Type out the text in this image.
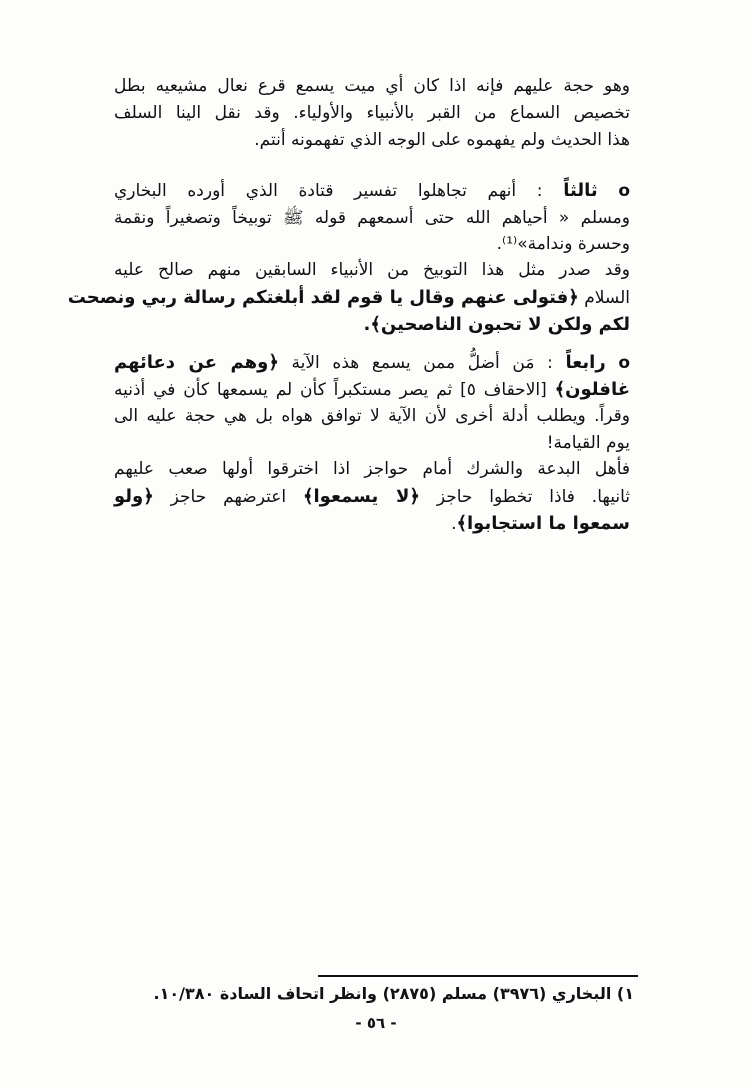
وهو حجة عليهم فإنه اذا كان أي ميت يسمع قرع نعال مشيعيه بطل
تخصيص السماع من القبر بالأنبياء والأولياء. وقد نقل الينا السلف
هذا الحديث ولم يفهموه على الوجه الذي تفهمونه أنتم.
o ثالثاً : أنهم تجاهلوا تفسير قتادة الذي أورده البخاري
ومسلم « أحياهم الله حتى أسمعهم قوله ﷺ توبيخاً وتصغيراً ونقمة
وحسرة وندامة»⁽¹⁾.
وقد صدر مثل هذا التوبيخ من الأنبياء السابقين منهم صالح عليه
السلام ﴿فتولى عنهم وقال يا قوم لقد أبلغتكم رسالة ربي ونصحت
لكم ولكن لا تحبون الناصحين﴾.
o رابعاً : مَن أضلُّ ممن يسمع هذه الآية ﴿وهم عن دعائهم
غافلون﴾ [الاحقاف ٥] ثم يصر مستكبراً كأن لم يسمعها كأن في أذنيه
وقراً. ويطلب أدلة أخرى لأن الآية لا توافق هواه بل هي حجة عليه الى
يوم القيامة!
فأهل البدعة والشرك أمام حواجز اذا اخترقوا أولها صعب عليهم
ثانيها. فاذا تخطوا حاجز ﴿لا يسمعوا﴾ اعترضهم حاجز ﴿ولو
سمعوا ما استجابوا﴾.
١) البخاري (٣٩٧٦) مسلم (٢٨٧٥) وانظر اتحاف السادة ١٠/٣٨٠.
- ٥٦ -
